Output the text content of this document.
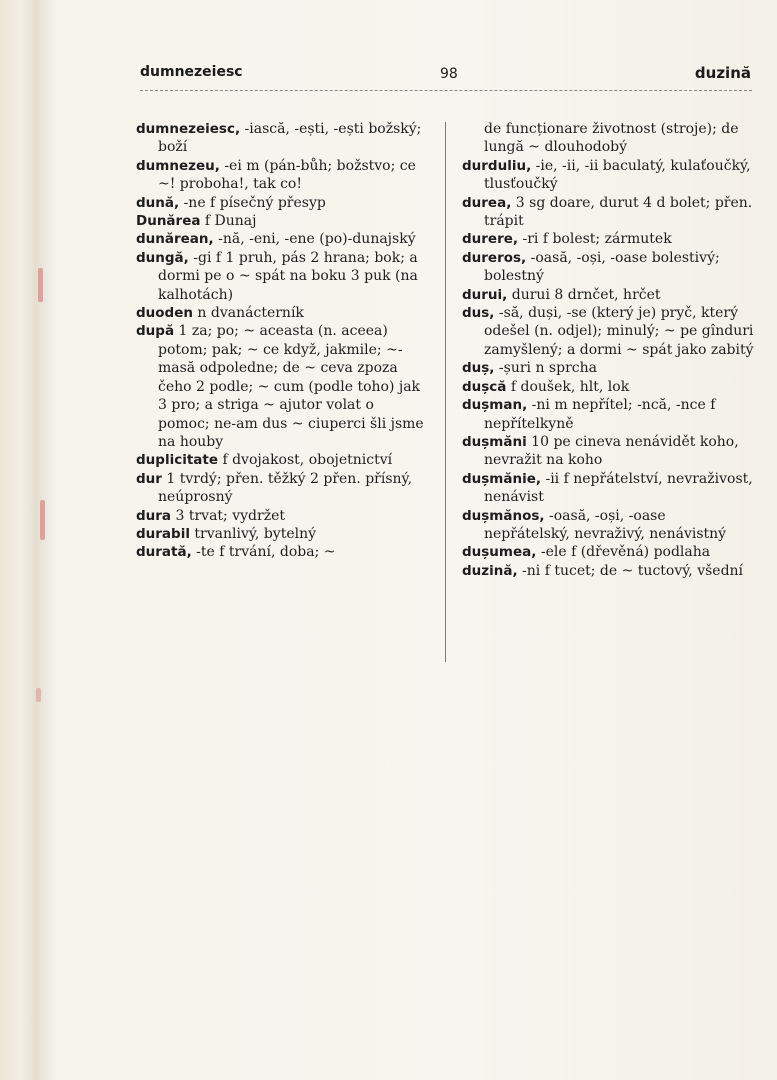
dumnezeiesc	98	duzină

dumnezeiesc, -iască, -ești, -ești božský; boží

dumnezeu, -ei m (pán-bůh; božstvo; ce ~! proboha!, tak co!

dună, -ne f písečný přesyp

Dunărea f Dunaj

dunărean, -nă, -eni, -ene (po)-dunajský

dungă, -gi f 1 pruh, pás 2 hrana; bok; a dormi pe o ~ spát na boku 3 puk (na kalhotách)

duoden n dvanácterník

după 1 za; po; ~ aceasta (n. aceea) potom; pak; ~ ce když, jakmile; ~-masă odpoledne; de ~ ceva zpoza čeho 2 podle; ~ cum (podle toho) jak 3 pro; a striga ~ ajutor volat o pomoc; ne-am dus ~ ciuperci šli jsme na houby

duplicitate f dvojakost, obojetnictví

dur 1 tvrdý; přen. těžký 2 přen. přísný, neúprosný

dura 3 trvat; vydržet

durabil trvanlivý, bytelný

durată, -te f trvání, doba; ~

de funcționare životnost (stroje); de lungă ~ dlouhodobý

durduliu, -ie, -ii, -ii baculatý, kulaťoučký, tlusťoučký

durea, 3 sg doare, durut 4 d bolet; přen. trápit

durere, -ri f bolest; zármutek

dureros, -oasă, -oși, -oase bolestivý; bolestný

durui, durui 8 drnčet, hrčet

dus, -să, duși, -se (který je) pryč, který odešel (n. odjel); minulý; ~ pe gînduri zamyšlený; a dormi ~ spát jako zabitý

duș, -șuri n sprcha

dușcă f doušek, hlt, lok

dușman, -ni m nepřítel; -ncă, -nce f nepřítelkyně

dușmăni 10 pe cineva nenávidět koho, nevražit na koho

dușmănie, -ii f nepřátelství, nevraživost, nenávist

dușmănos, -oasă, -oși, -oase nepřátelský, nevraživý, nenávistný

dușumea, -ele f (dřevěná) podlaha

duzină, -ni f tucet; de ~ tuctový, všední
